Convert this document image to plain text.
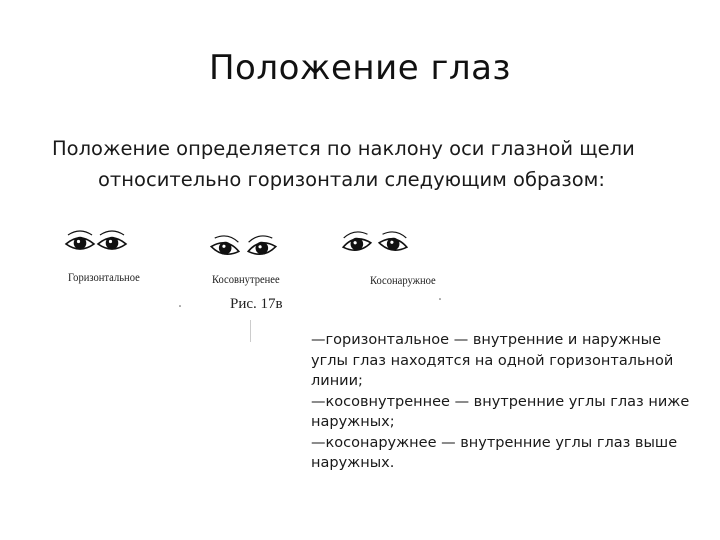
Положение глаз
Положение определяется по наклону оси глазной щели
относительно горизонтали следующим образом:
Горизонтальное	Косовнутренее	Косонаружное
Рис. 17в
—горизонтальное — внутренние и наружные
углы глаз находятся на одной горизонтальной
линии;
—косовнутреннее — внутренние углы глаз ниже
наружных;
—косонаружнее — внутренние углы глаз выше
наружных.
